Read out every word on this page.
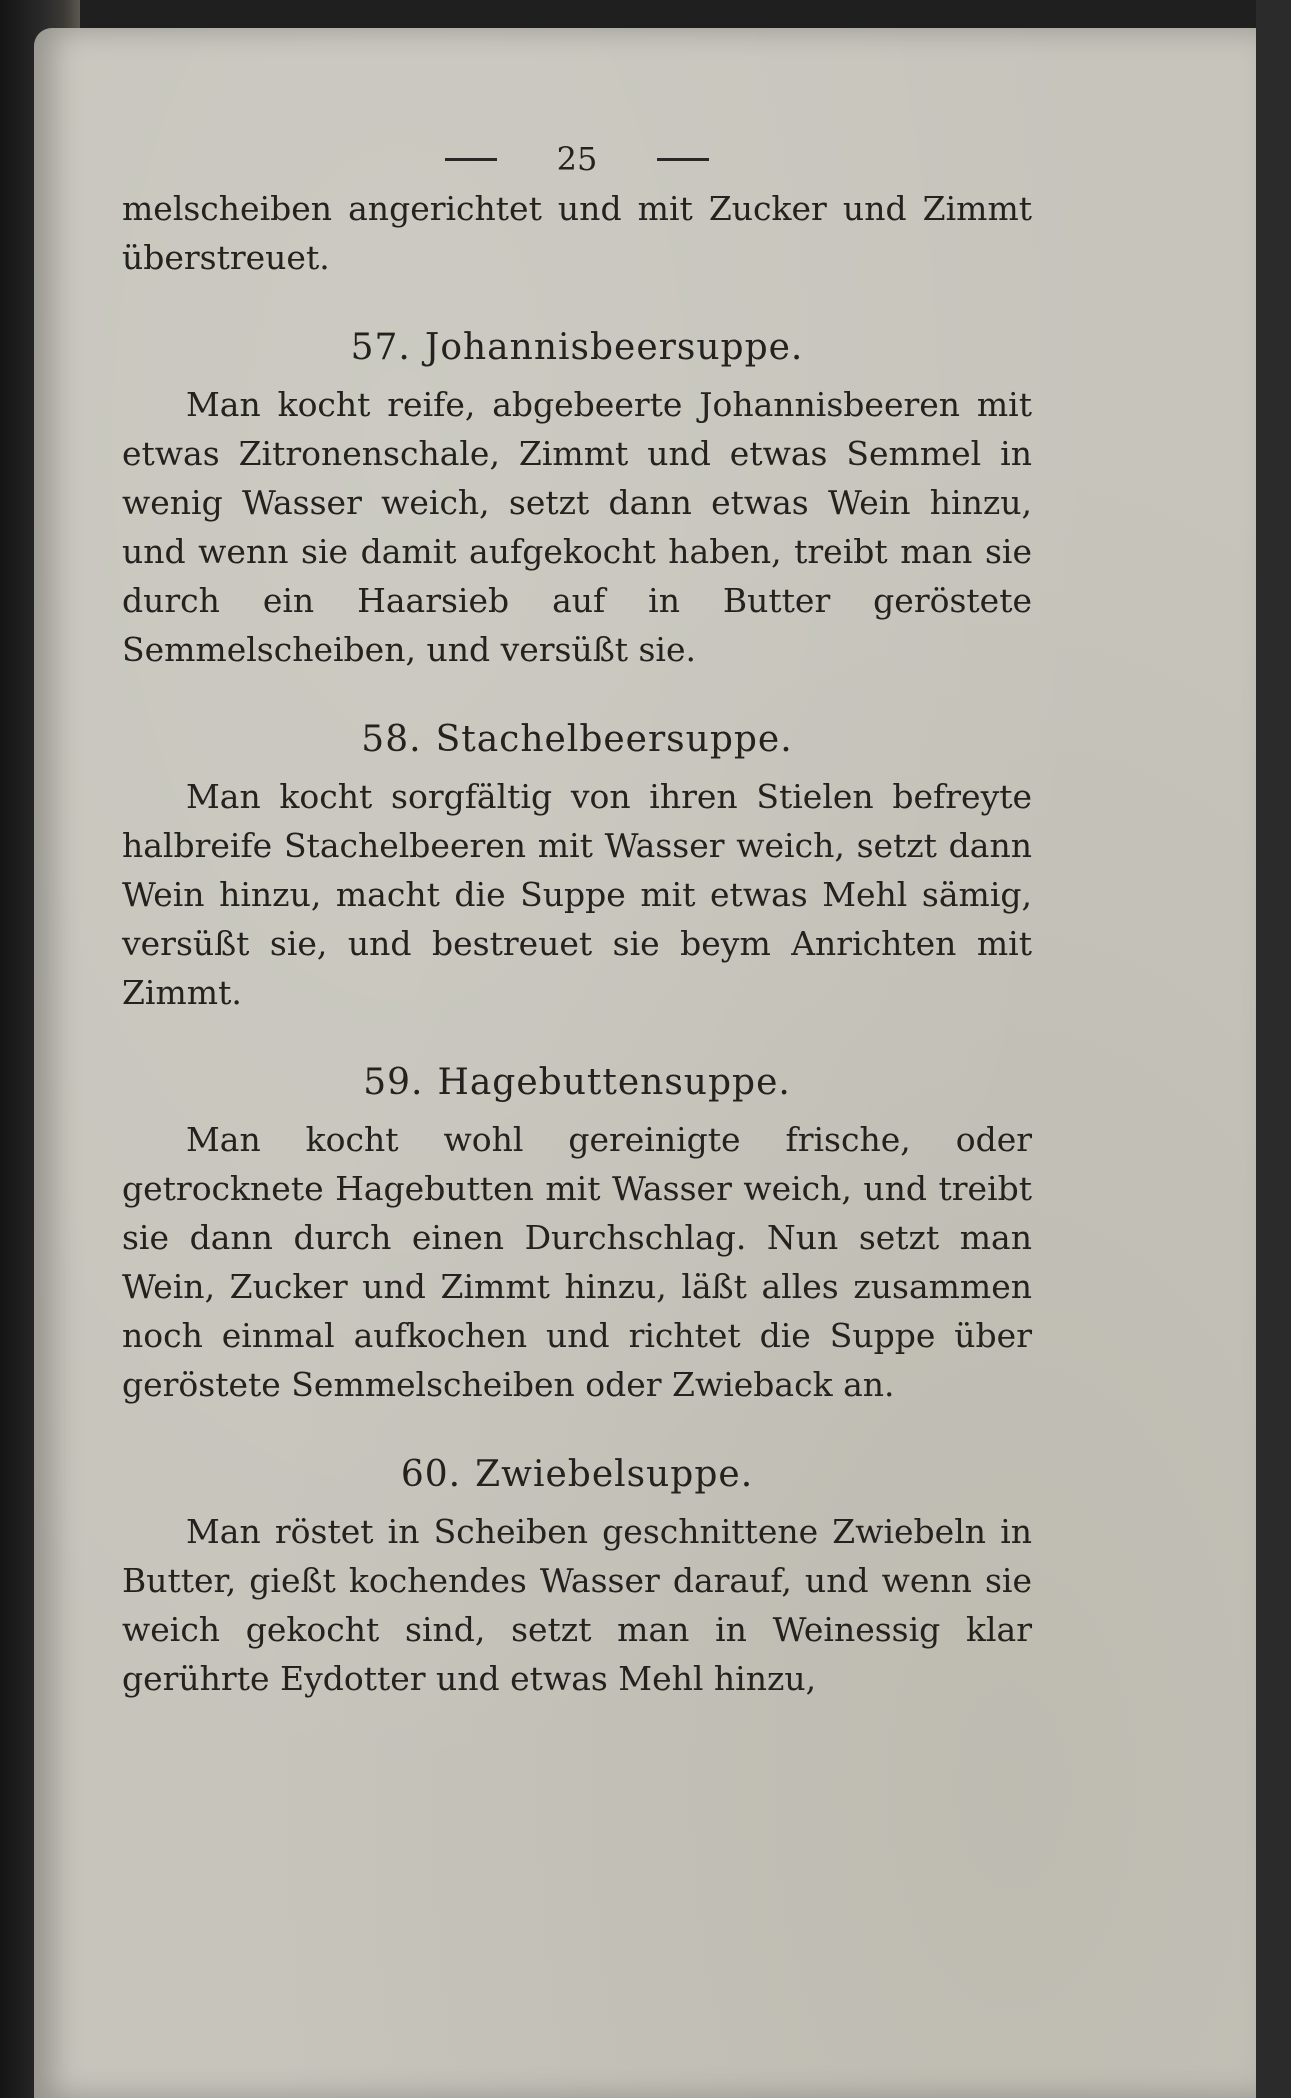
25

melscheiben angerichtet und mit Zucker und Zimmt überstreuet.

57. Johannisbeersuppe.

Man kocht reife, abgebeerte Johannisbeeren mit etwas Zitronenschale, Zimmt und etwas Semmel in wenig Wasser weich, setzt dann etwas Wein hinzu, und wenn sie damit aufgekocht haben, treibt man sie durch ein Haarsieb auf in Butter geröstete Semmelscheiben, und versüßt sie.

58. Stachelbeersuppe.

Man kocht sorgfältig von ihren Stielen befreyte halbreife Stachelbeeren mit Wasser weich, setzt dann Wein hinzu, macht die Suppe mit etwas Mehl sämig, versüßt sie, und bestreuet sie beym Anrichten mit Zimmt.

59. Hagebuttensuppe.

Man kocht wohl gereinigte frische, oder getrocknete Hagebutten mit Wasser weich, und treibt sie dann durch einen Durchschlag. Nun setzt man Wein, Zucker und Zimmt hinzu, läßt alles zusammen noch einmal aufkochen und richtet die Suppe über geröstete Semmelscheiben oder Zwieback an.

60. Zwiebelsuppe.

Man röstet in Scheiben geschnittene Zwiebeln in Butter, gießt kochendes Wasser darauf, und wenn sie weich gekocht sind, setzt man in Weinessig klar gerührte Eydotter und etwas Mehl hinzu,
